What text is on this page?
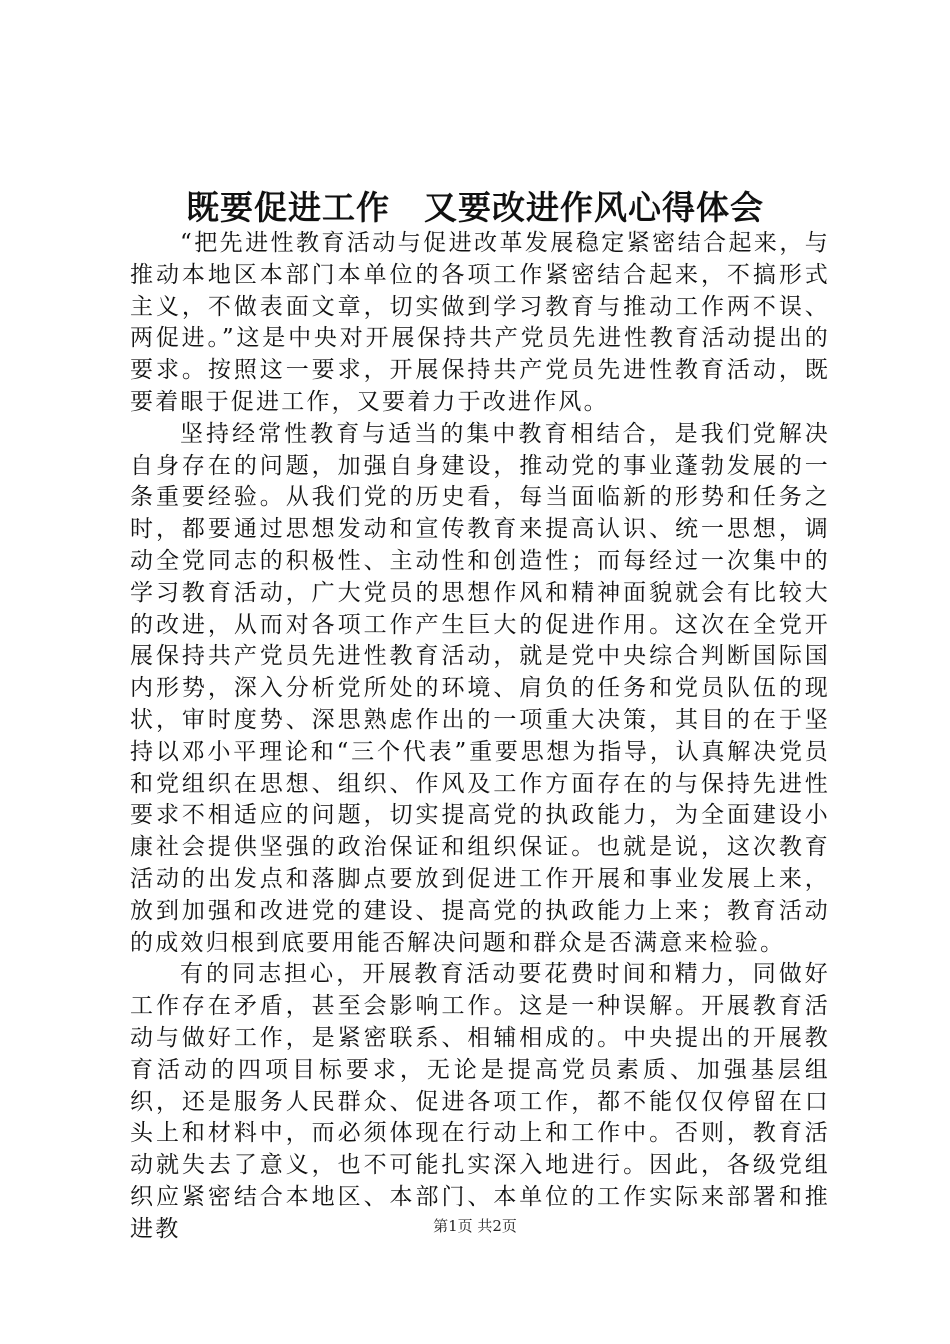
既要促进工作　又要改进作风心得体会

“把先进性教育活动与促进改革发展稳定紧密结合起来，与推动本地区本部门本单位的各项工作紧密结合起来，不搞形式主义，不做表面文章，切实做到学习教育与推动工作两不误、两促进。”这是中央对开展保持共产党员先进性教育活动提出的要求。按照这一要求，开展保持共产党员先进性教育活动，既要着眼于促进工作，又要着力于改进作风。

坚持经常性教育与适当的集中教育相结合，是我们党解决自身存在的问题，加强自身建设，推动党的事业蓬勃发展的一条重要经验。从我们党的历史看，每当面临新的形势和任务之时，都要通过思想发动和宣传教育来提高认识、统一思想，调动全党同志的积极性、主动性和创造性；而每经过一次集中的学习教育活动，广大党员的思想作风和精神面貌就会有比较大的改进，从而对各项工作产生巨大的促进作用。这次在全党开展保持共产党员先进性教育活动，就是党中央综合判断国际国内形势，深入分析党所处的环境、肩负的任务和党员队伍的现状，审时度势、深思熟虑作出的一项重大决策，其目的在于坚持以邓小平理论和“三个代表”重要思想为指导，认真解决党员和党组织在思想、组织、作风及工作方面存在的与保持先进性要求不相适应的问题，切实提高党的执政能力，为全面建设小康社会提供坚强的政治保证和组织保证。也就是说，这次教育活动的出发点和落脚点要放到促进工作开展和事业发展上来，放到加强和改进党的建设、提高党的执政能力上来；教育活动的成效归根到底要用能否解决问题和群众是否满意来检验。

有的同志担心，开展教育活动要花费时间和精力，同做好工作存在矛盾，甚至会影响工作。这是一种误解。开展教育活动与做好工作，是紧密联系、相辅相成的。中央提出的开展教育活动的四项目标要求，无论是提高党员素质、加强基层组织，还是服务人民群众、促进各项工作，都不能仅仅停留在口头上和材料中，而必须体现在行动上和工作中。否则，教育活动就失去了意义，也不可能扎实深入地进行。因此，各级党组织应紧密结合本地区、本部门、本单位的工作实际来部署和推进教	第1页 共2页
